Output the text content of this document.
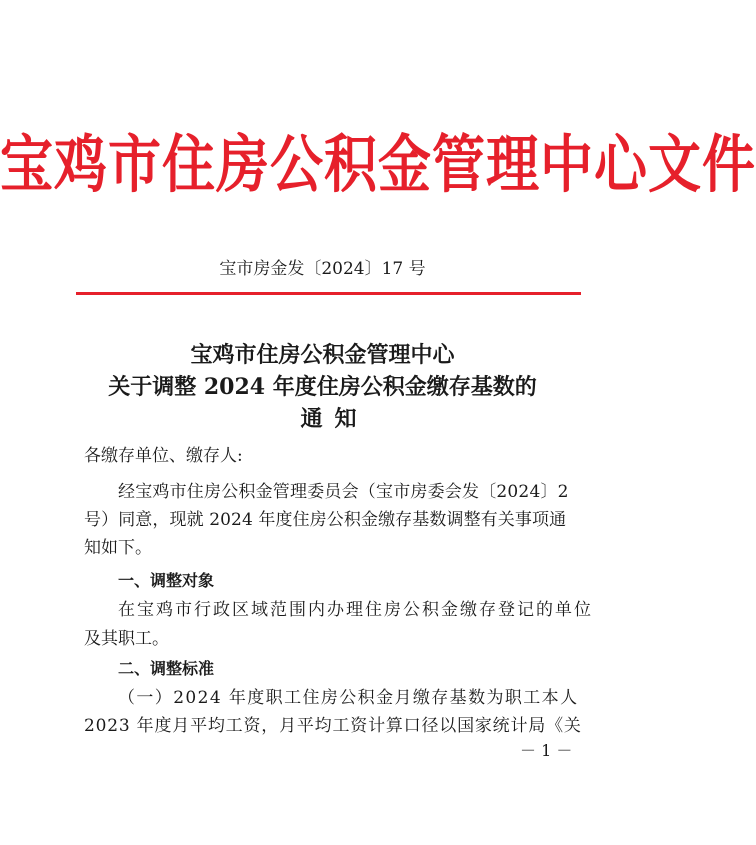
宝鸡市住房公积金管理中心文件
宝市房金发〔2024〕17 号
宝鸡市住房公积金管理中心
关于调整 2024 年度住房公积金缴存基数的
通知
各缴存单位、缴存人:
经宝鸡市住房公积金管理委员会（宝市房委会发〔2024〕2
号）同意，现就 2024 年度住房公积金缴存基数调整有关事项通
知如下。
一、调整对象
在宝鸡市行政区域范围内办理住房公积金缴存登记的单位
及其职工。
二、调整标准
（一）2024 年度职工住房公积金月缴存基数为职工本人
2023 年度月平均工资，月平均工资计算口径以国家统计局《关
－ 1 －
